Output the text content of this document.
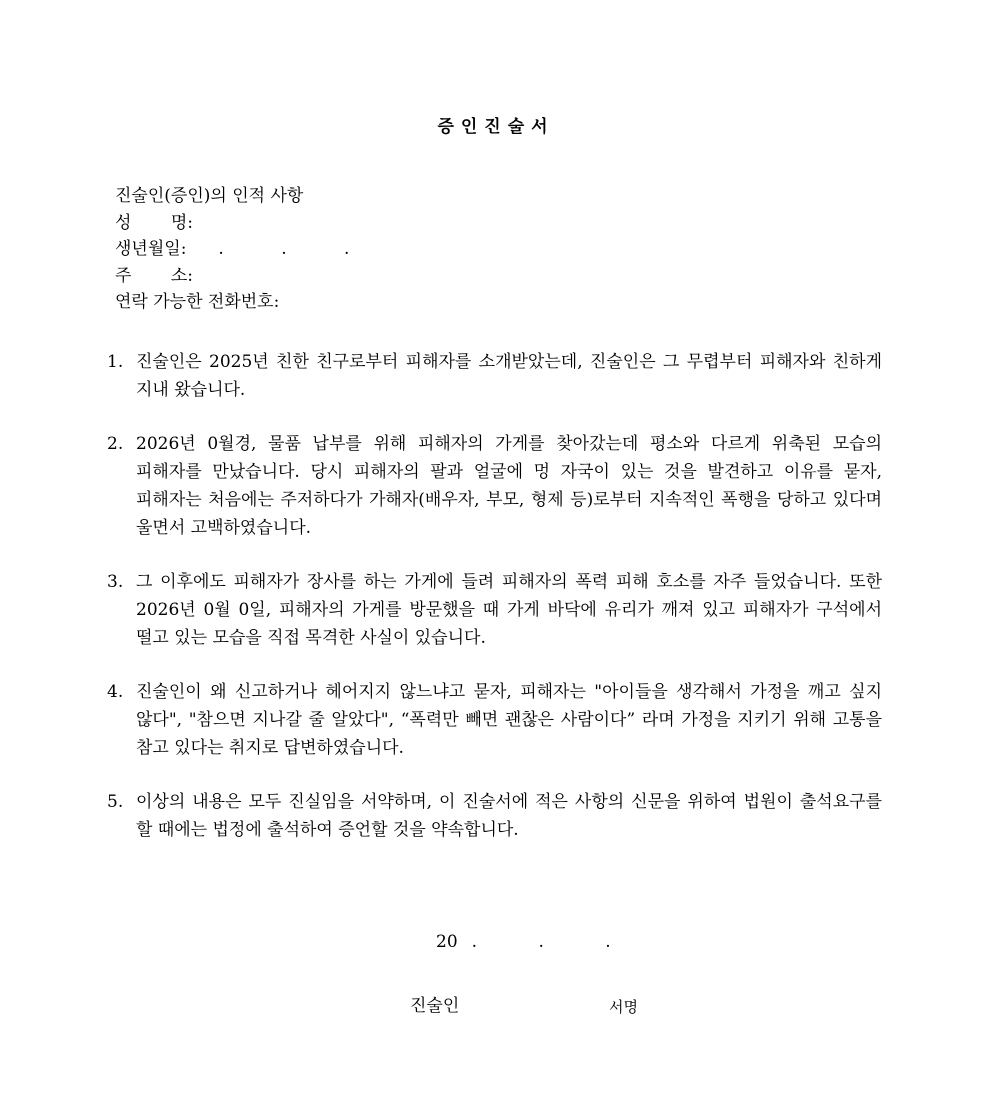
증인진술서
진술인(증인)의 인적 사항
성 명:
생년월일: . . .
주 소:
연락 가능한 전화번호:
1. 진술인은 2025년 친한 친구로부터 피해자를 소개받았는데, 진술인은 그 무렵부터 피해자와 친하게 지내 왔습니다.
2. 2026년 0월경, 물품 납부를 위해 피해자의 가게를 찾아갔는데 평소와 다르게 위축된 모습의 피해자를 만났습니다. 당시 피해자의 팔과 얼굴에 멍 자국이 있는 것을 발견하고 이유를 묻자, 피해자는 처음에는 주저하다가 가해자(배우자, 부모, 형제 등)로부터 지속적인 폭행을 당하고 있다며 울면서 고백하였습니다.
3. 그 이후에도 피해자가 장사를 하는 가게에 들려 피해자의 폭력 피해 호소를 자주 들었습니다. 또한 2026년 0월 0일, 피해자의 가게를 방문했을 때 가게 바닥에 유리가 깨져 있고 피해자가 구석에서 떨고 있는 모습을 직접 목격한 사실이 있습니다.
4. 진술인이 왜 신고하거나 헤어지지 않느냐고 묻자, 피해자는 "아이들을 생각해서 가정을 깨고 싶지 않다", "참으면 지나갈 줄 알았다", “폭력만 빼면 괜찮은 사람이다” 라며 가정을 지키기 위해 고통을 참고 있다는 취지로 답변하였습니다.
5. 이상의 내용은 모두 진실임을 서약하며, 이 진술서에 적은 사항의 신문을 위하여 법원이 출석요구를 할 때에는 법정에 출석하여 증언할 것을 약속합니다.
20 . . .
진술인	서명
